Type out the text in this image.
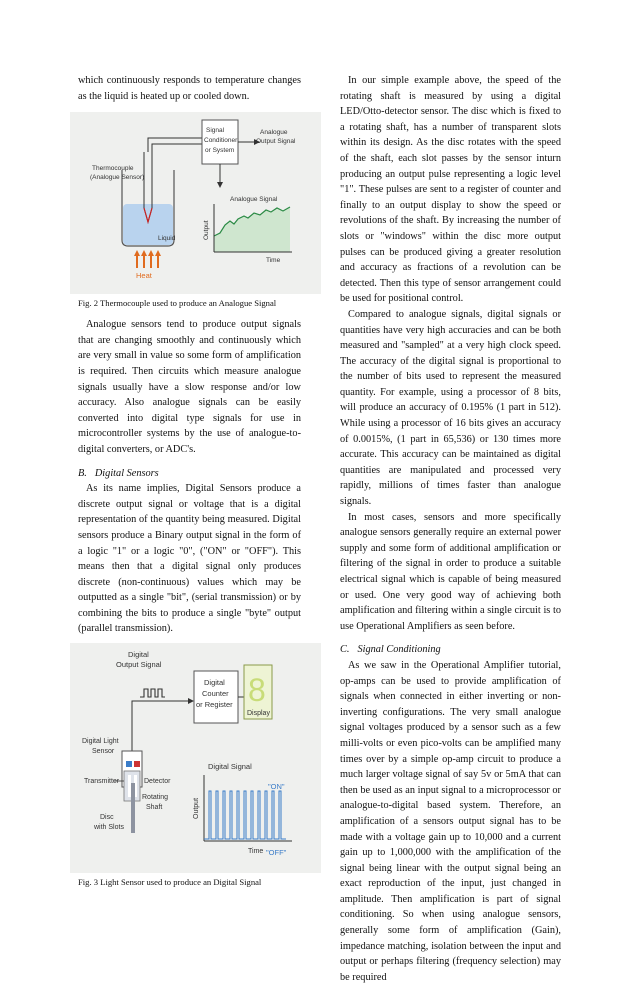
which continuously responds to temperature changes as the liquid is heated up or cooled down.

Liquid
Thermocouple
(Analogue Sensor)
Signal
Conditioner
or System
Analogue
Output Signal
Analogue Signal
Output
Time
Heat

Fig. 2 Thermocouple used to produce an Analogue Signal

Analogue sensors tend to produce output signals that are changing smoothly and continuously which are very small in value so some form of amplification is required. Then circuits which measure analogue signals usually have a slow response and/or low accuracy. Also analogue signals can be easily converted into digital type signals for use in microcontroller systems by the use of analogue-to-digital converters, or ADC's.

B. Digital Sensors

As its name implies, Digital Sensors produce a discrete output signal or voltage that is a digital representation of the quantity being measured. Digital sensors produce a Binary output signal in the form of a logic "1" or a logic "0", ("ON" or "OFF"). This means then that a digital signal only produces discrete (non-continuous) values which may be outputted as a single "bit", (serial transmission) or by combining the bits to produce a single "byte" output (parallel transmission).

Digital
Output Signal
Digital
Counter
or Register 8
Display
Digital Light
Sensor
Transmitter	Detector
Rotating
Shaft
Disc
with Slots
Digital Signal
Output
Time
"ON"
"OFF"

Fig. 3 Light Sensor used to produce an Digital Signal

In our simple example above, the speed of the rotating shaft is measured by using a digital LED/Otto-detector sensor. The disc which is fixed to a rotating shaft, has a number of transparent slots within its design. As the disc rotates with the speed of the shaft, each slot passes by the sensor inturn producing an output pulse representing a logic level "1". These pulses are sent to a register of counter and finally to an output display to show the speed or revolutions of the shaft. By increasing the number of slots or "windows" within the disc more output pulses can be produced giving a greater resolution and accuracy as fractions of a revolution can be detected. Then this type of sensor arrangement could be used for positional control.

Compared to analogue signals, digital signals or quantities have very high accuracies and can be both measured and "sampled" at a very high clock speed. The accuracy of the digital signal is proportional to the number of bits used to represent the measured quantity. For example, using a processor of 8 bits, will produce an accuracy of 0.195% (1 part in 512). While using a processor of 16 bits gives an accuracy of 0.0015%, (1 part in 65,536) or 130 times more accurate. This accuracy can be maintained as digital quantities are manipulated and processed very rapidly, millions of times faster than analogue signals.

In most cases, sensors and more specifically analogue sensors generally require an external power supply and some form of additional amplification or filtering of the signal in order to produce a suitable electrical signal which is capable of being measured or used. One very good way of achieving both amplification and filtering within a single circuit is to use Operational Amplifiers as seen before.

C. Signal Conditioning

As we saw in the Operational Amplifier tutorial, op-amps can be used to provide amplification of signals when connected in either inverting or non-inverting configurations. The very small analogue signal voltages produced by a sensor such as a few milli-volts or even pico-volts can be amplified many times over by a simple op-amp circuit to produce a much larger voltage signal of say 5v or 5mA that can then be used as an input signal to a microprocessor or analogue-to-digital based system. Therefore, an amplification of a sensors output signal has to be made with a voltage gain up to 10,000 and a current gain up to 1,000,000 with the amplification of the signal being linear with the output signal being an exact reproduction of the input, just changed in amplitude. Then amplification is part of signal conditioning. So when using analogue sensors, generally some form of amplification (Gain), impedance matching, isolation between the input and output or perhaps filtering (frequency selection) may be required
